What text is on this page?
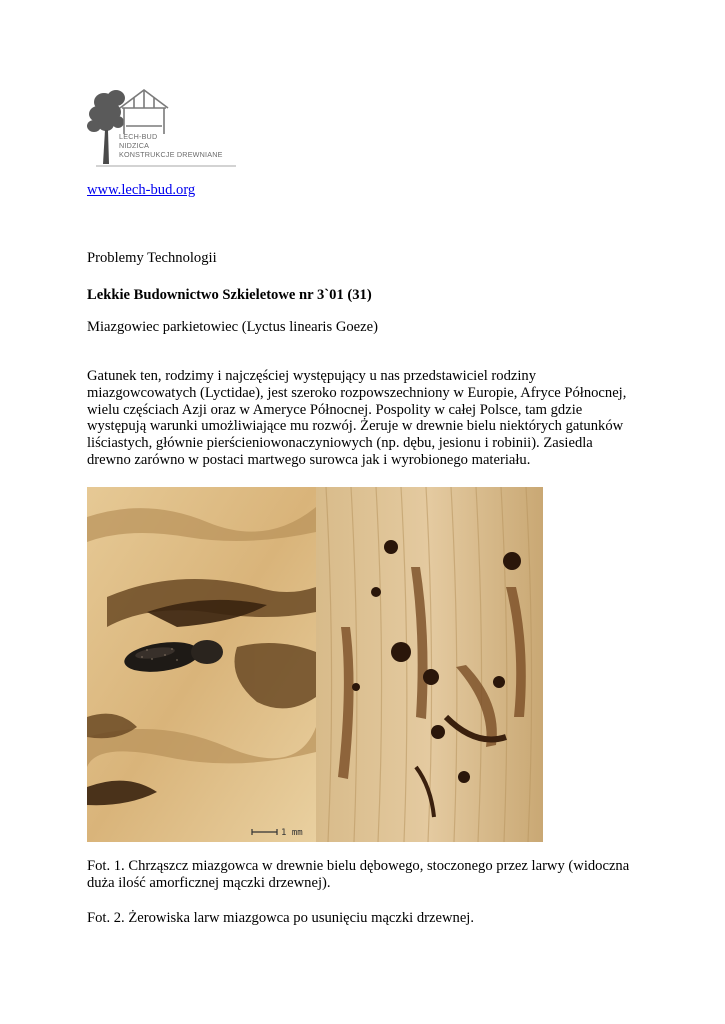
LECH-BUD
NIDZICA
KONSTRUKCJE DREWNIANE
www.lech-bud.org
Problemy Technologii
Lekkie Budownictwo Szkieletowe nr 3`01 (31)
Miazgowiec parkietowiec (Lyctus linearis Goeze)
Gatunek ten, rodzimy i najczęściej występujący u nas przedstawiciel rodziny
miazgowcowatych (Lyctidae), jest szeroko rozpowszechniony w Europie, Afryce Północnej,
wielu częściach Azji oraz w Ameryce Północnej. Pospolity w całej Polsce, tam gdzie
występują warunki umożliwiające mu rozwój. Żeruje w drewnie bielu niektórych gatunków
liściastych, głównie pierścieniowonaczyniowych (np. dębu, jesionu i robinii). Zasiedla
drewno zarówno w postaci martwego surowca jak i wyrobionego materiału.
1 mm
Fot. 1. Chrząszcz miazgowca w drewnie bielu dębowego, stoczonego przez larwy (widoczna
duża ilość amorficznej mączki drzewnej).
Fot. 2. Żerowiska larw miazgowca po usunięciu mączki drzewnej.
